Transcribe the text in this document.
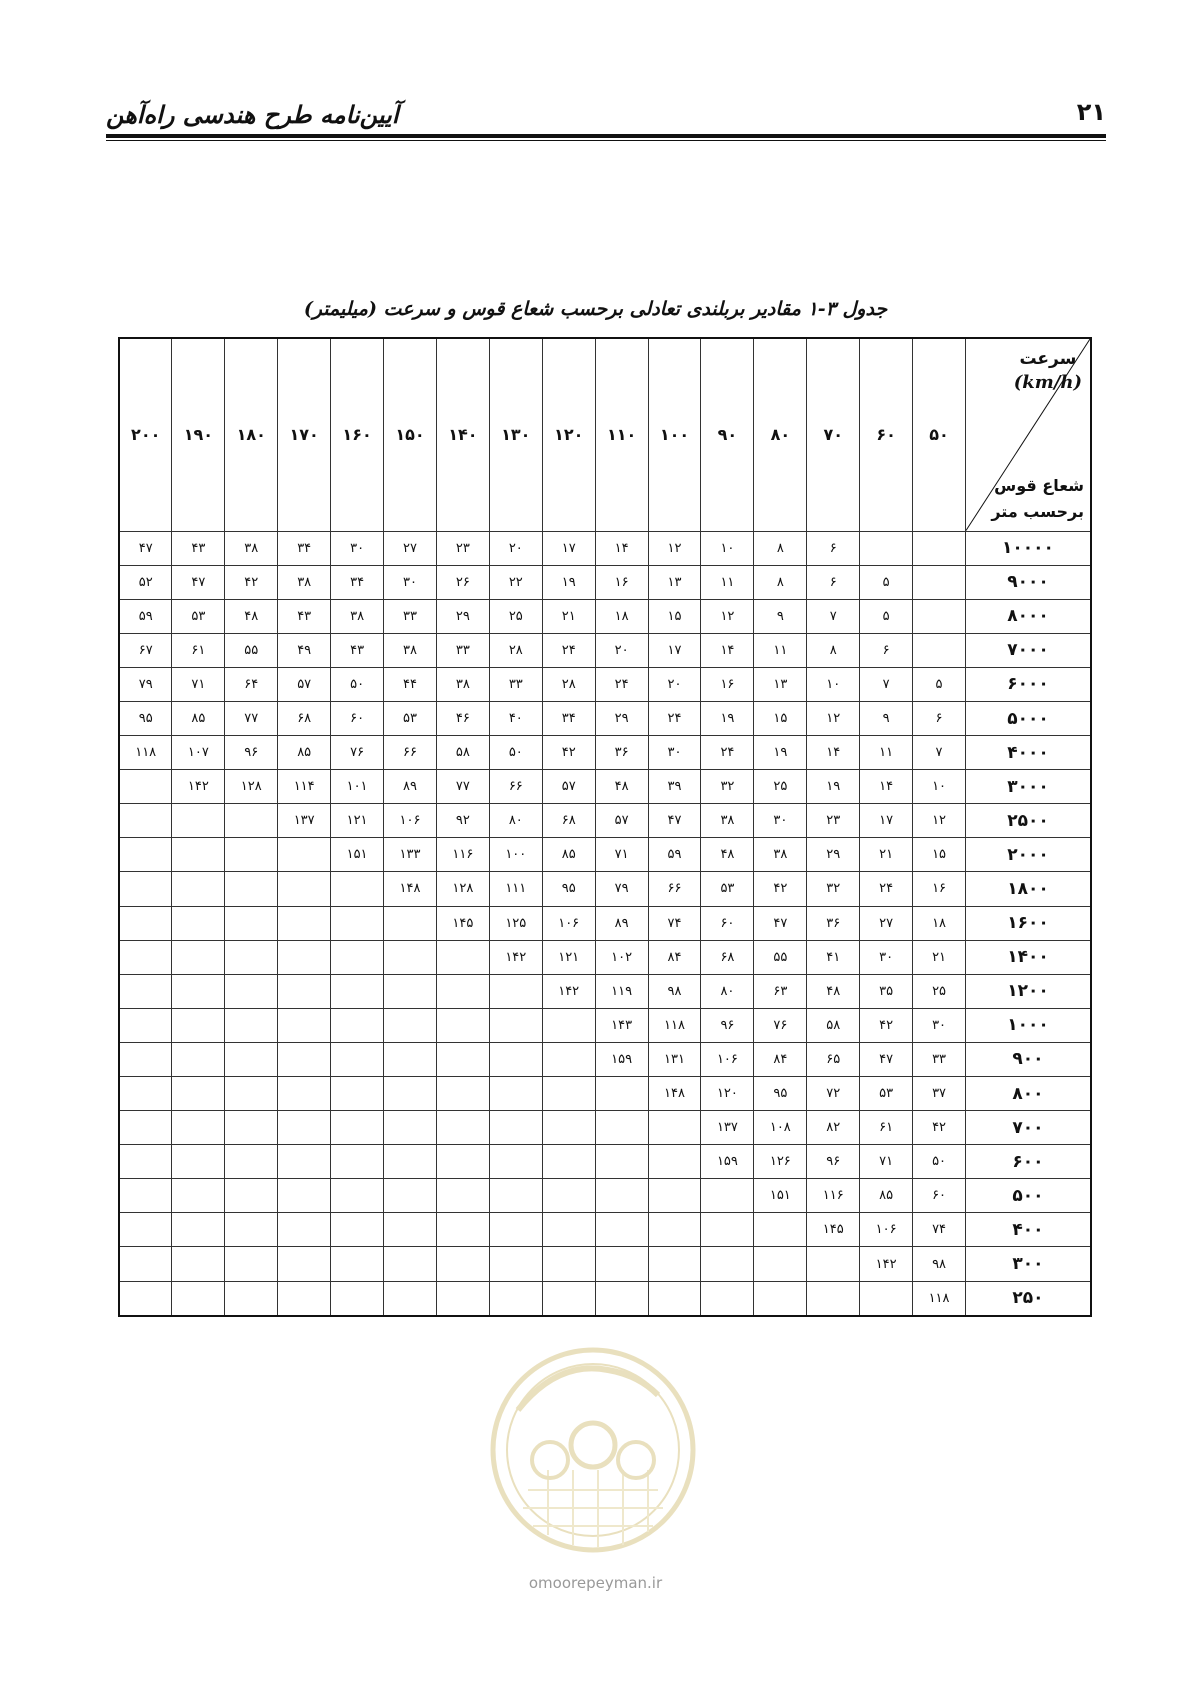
آیین‌نامه طرح هندسی راه‌آهن	۲۱
جدول ۳-۱ مقادیر بربلندی تعادلی برحسب شعاع قوس و سرعت (میلیمتر)
۲۰۰	۱۹۰	۱۸۰	۱۷۰	۱۶۰	۱۵۰	۱۴۰	۱۳۰	۱۲۰	۱۱۰	۱۰۰	۹۰	۸۰	۷۰	۶۰	۵۰	سرعت
(km/h)
شعاع قوس
برحسب متر

۴۷	۴۳	۳۸	۳۴	۳۰	۲۷	۲۳	۲۰	۱۷	۱۴	۱۲	۱۰	۸	۶			۱۰۰۰۰
۵۲	۴۷	۴۲	۳۸	۳۴	۳۰	۲۶	۲۲	۱۹	۱۶	۱۳	۱۱	۸	۶	۵		۹۰۰۰
۵۹	۵۳	۴۸	۴۳	۳۸	۳۳	۲۹	۲۵	۲۱	۱۸	۱۵	۱۲	۹	۷	۵		۸۰۰۰
۶۷	۶۱	۵۵	۴۹	۴۳	۳۸	۳۳	۲۸	۲۴	۲۰	۱۷	۱۴	۱۱	۸	۶		۷۰۰۰
۷۹	۷۱	۶۴	۵۷	۵۰	۴۴	۳۸	۳۳	۲۸	۲۴	۲۰	۱۶	۱۳	۱۰	۷	۵	۶۰۰۰
۹۵	۸۵	۷۷	۶۸	۶۰	۵۳	۴۶	۴۰	۳۴	۲۹	۲۴	۱۹	۱۵	۱۲	۹	۶	۵۰۰۰
۱۱۸	۱۰۷	۹۶	۸۵	۷۶	۶۶	۵۸	۵۰	۴۲	۳۶	۳۰	۲۴	۱۹	۱۴	۱۱	۷	۴۰۰۰
	۱۴۲	۱۲۸	۱۱۴	۱۰۱	۸۹	۷۷	۶۶	۵۷	۴۸	۳۹	۳۲	۲۵	۱۹	۱۴	۱۰	۳۰۰۰
			۱۳۷	۱۲۱	۱۰۶	۹۲	۸۰	۶۸	۵۷	۴۷	۳۸	۳۰	۲۳	۱۷	۱۲	۲۵۰۰
				۱۵۱	۱۳۳	۱۱۶	۱۰۰	۸۵	۷۱	۵۹	۴۸	۳۸	۲۹	۲۱	۱۵	۲۰۰۰
					۱۴۸	۱۲۸	۱۱۱	۹۵	۷۹	۶۶	۵۳	۴۲	۳۲	۲۴	۱۶	۱۸۰۰
						۱۴۵	۱۲۵	۱۰۶	۸۹	۷۴	۶۰	۴۷	۳۶	۲۷	۱۸	۱۶۰۰
							۱۴۲	۱۲۱	۱۰۲	۸۴	۶۸	۵۵	۴۱	۳۰	۲۱	۱۴۰۰
								۱۴۲	۱۱۹	۹۸	۸۰	۶۳	۴۸	۳۵	۲۵	۱۲۰۰
									۱۴۳	۱۱۸	۹۶	۷۶	۵۸	۴۲	۳۰	۱۰۰۰
									۱۵۹	۱۳۱	۱۰۶	۸۴	۶۵	۴۷	۳۳	۹۰۰
										۱۴۸	۱۲۰	۹۵	۷۲	۵۳	۳۷	۸۰۰
											۱۳۷	۱۰۸	۸۲	۶۱	۴۲	۷۰۰
											۱۵۹	۱۲۶	۹۶	۷۱	۵۰	۶۰۰
												۱۵۱	۱۱۶	۸۵	۶۰	۵۰۰
													۱۴۵	۱۰۶	۷۴	۴۰۰
														۱۴۲	۹۸	۳۰۰
															۱۱۸	۲۵۰
omoorepeyman.ir
